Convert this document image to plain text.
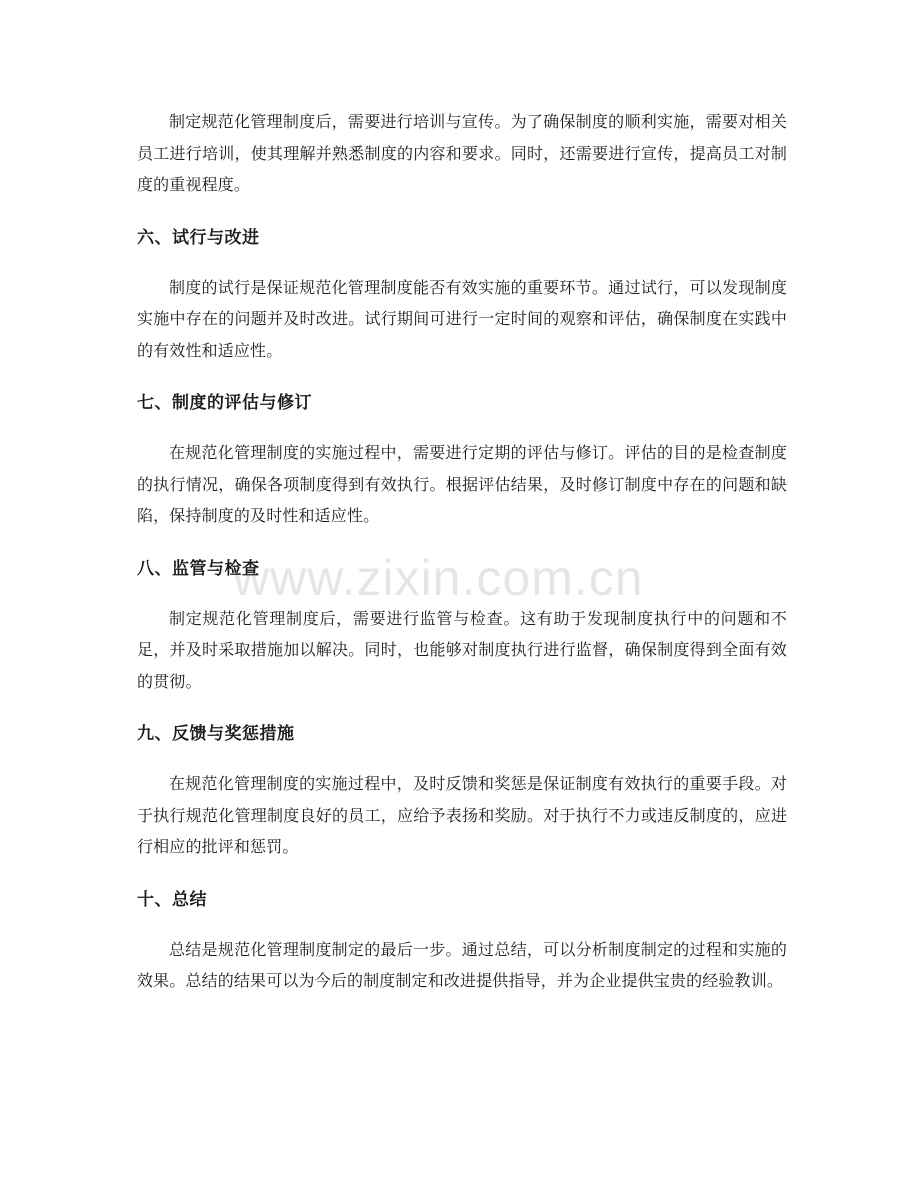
制定规范化管理制度后，需要进行培训与宣传。为了确保制度的顺利实施，需要对相关员工进行培训，使其理解并熟悉制度的内容和要求。同时，还需要进行宣传，提高员工对制度的重视程度。

六、试行与改进

制度的试行是保证规范化管理制度能否有效实施的重要环节。通过试行，可以发现制度实施中存在的问题并及时改进。试行期间可进行一定时间的观察和评估，确保制度在实践中的有效性和适应性。

七、制度的评估与修订

在规范化管理制度的实施过程中，需要进行定期的评估与修订。评估的目的是检查制度的执行情况，确保各项制度得到有效执行。根据评估结果，及时修订制度中存在的问题和缺陷，保持制度的及时性和适应性。

八、监管与检查

制定规范化管理制度后，需要进行监管与检查。这有助于发现制度执行中的问题和不足，并及时采取措施加以解决。同时，也能够对制度执行进行监督，确保制度得到全面有效的贯彻。

九、反馈与奖惩措施

在规范化管理制度的实施过程中，及时反馈和奖惩是保证制度有效执行的重要手段。对于执行规范化管理制度良好的员工，应给予表扬和奖励。对于执行不力或违反制度的，应进行相应的批评和惩罚。

十、总结

总结是规范化管理制度制定的最后一步。通过总结，可以分析制度制定的过程和实施的效果。总结的结果可以为今后的制度制定和改进提供指导，并为企业提供宝贵的经验教训。

www.zixin.com.cn
